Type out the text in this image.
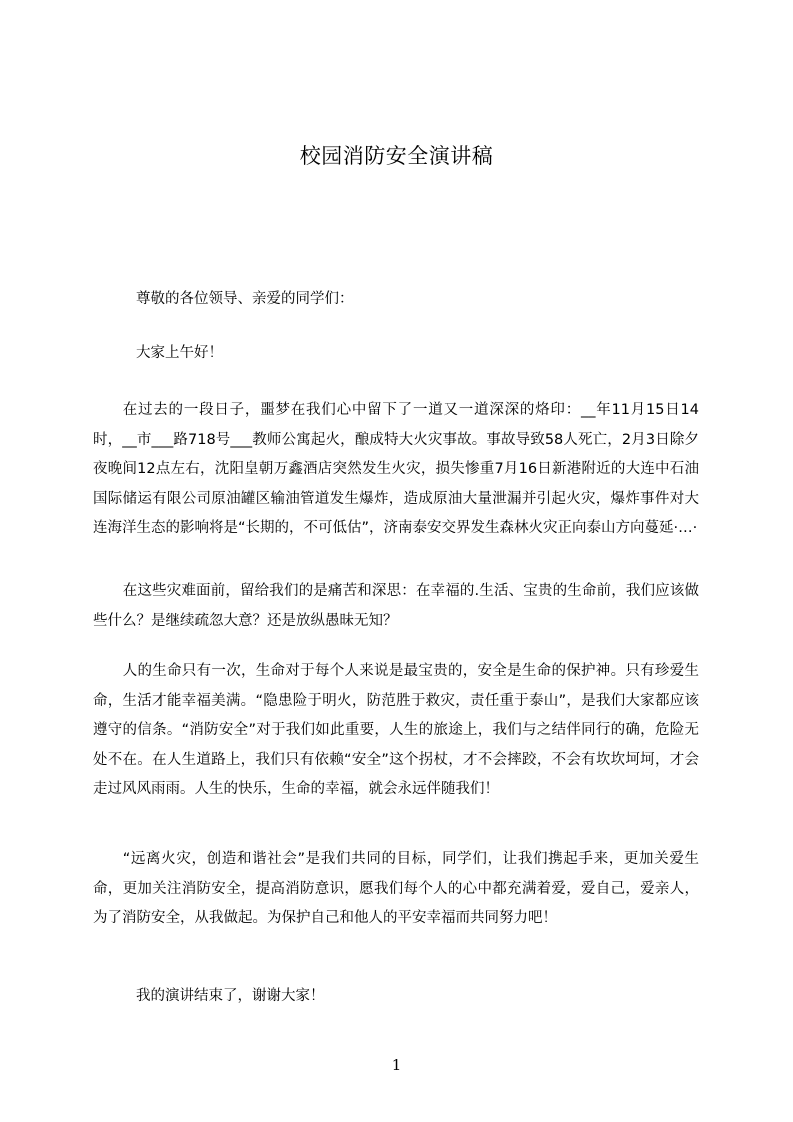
校园消防安全演讲稿

尊敬的各位领导、亲爱的同学们：

大家上午好！

在过去的一段日子，噩梦在我们心中留下了一道又一道深深的烙印：__年11月15日14时，__市___路718号___教师公寓起火，酿成特大火灾事故。事故导致58人死亡，2月3日除夕夜晚间12点左右，沈阳皇朝万鑫酒店突然发生火灾，损失惨重7月16日新港附近的大连中石油国际储运有限公司原油罐区输油管道发生爆炸，造成原油大量泄漏并引起火灾，爆炸事件对大连海洋生态的影响将是“长期的，不可低估”，济南泰安交界发生森林火灾正向泰山方向蔓延·…·

在这些灾难面前，留给我们的是痛苦和深思：在幸福的.生活、宝贵的生命前，我们应该做些什么？是继续疏忽大意？还是放纵愚昧无知？

人的生命只有一次，生命对于每个人来说是最宝贵的，安全是生命的保护神。只有珍爱生命，生活才能幸福美满。“隐患险于明火，防范胜于救灾，责任重于泰山”，是我们大家都应该遵守的信条。“消防安全”对于我们如此重要，人生的旅途上，我们与之结伴同行的确，危险无处不在。在人生道路上，我们只有依赖“安全”这个拐杖，才不会摔跤，不会有坎坎坷坷，才会走过风风雨雨。人生的快乐，生命的幸福，就会永远伴随我们！

“远离火灾，创造和谐社会”是我们共同的目标，同学们，让我们携起手来，更加关爱生命，更加关注消防安全，提高消防意识，愿我们每个人的心中都充满着爱，爱自己，爱亲人，为了消防安全，从我做起。为保护自己和他人的平安幸福而共同努力吧！

我的演讲结束了，谢谢大家！

1
